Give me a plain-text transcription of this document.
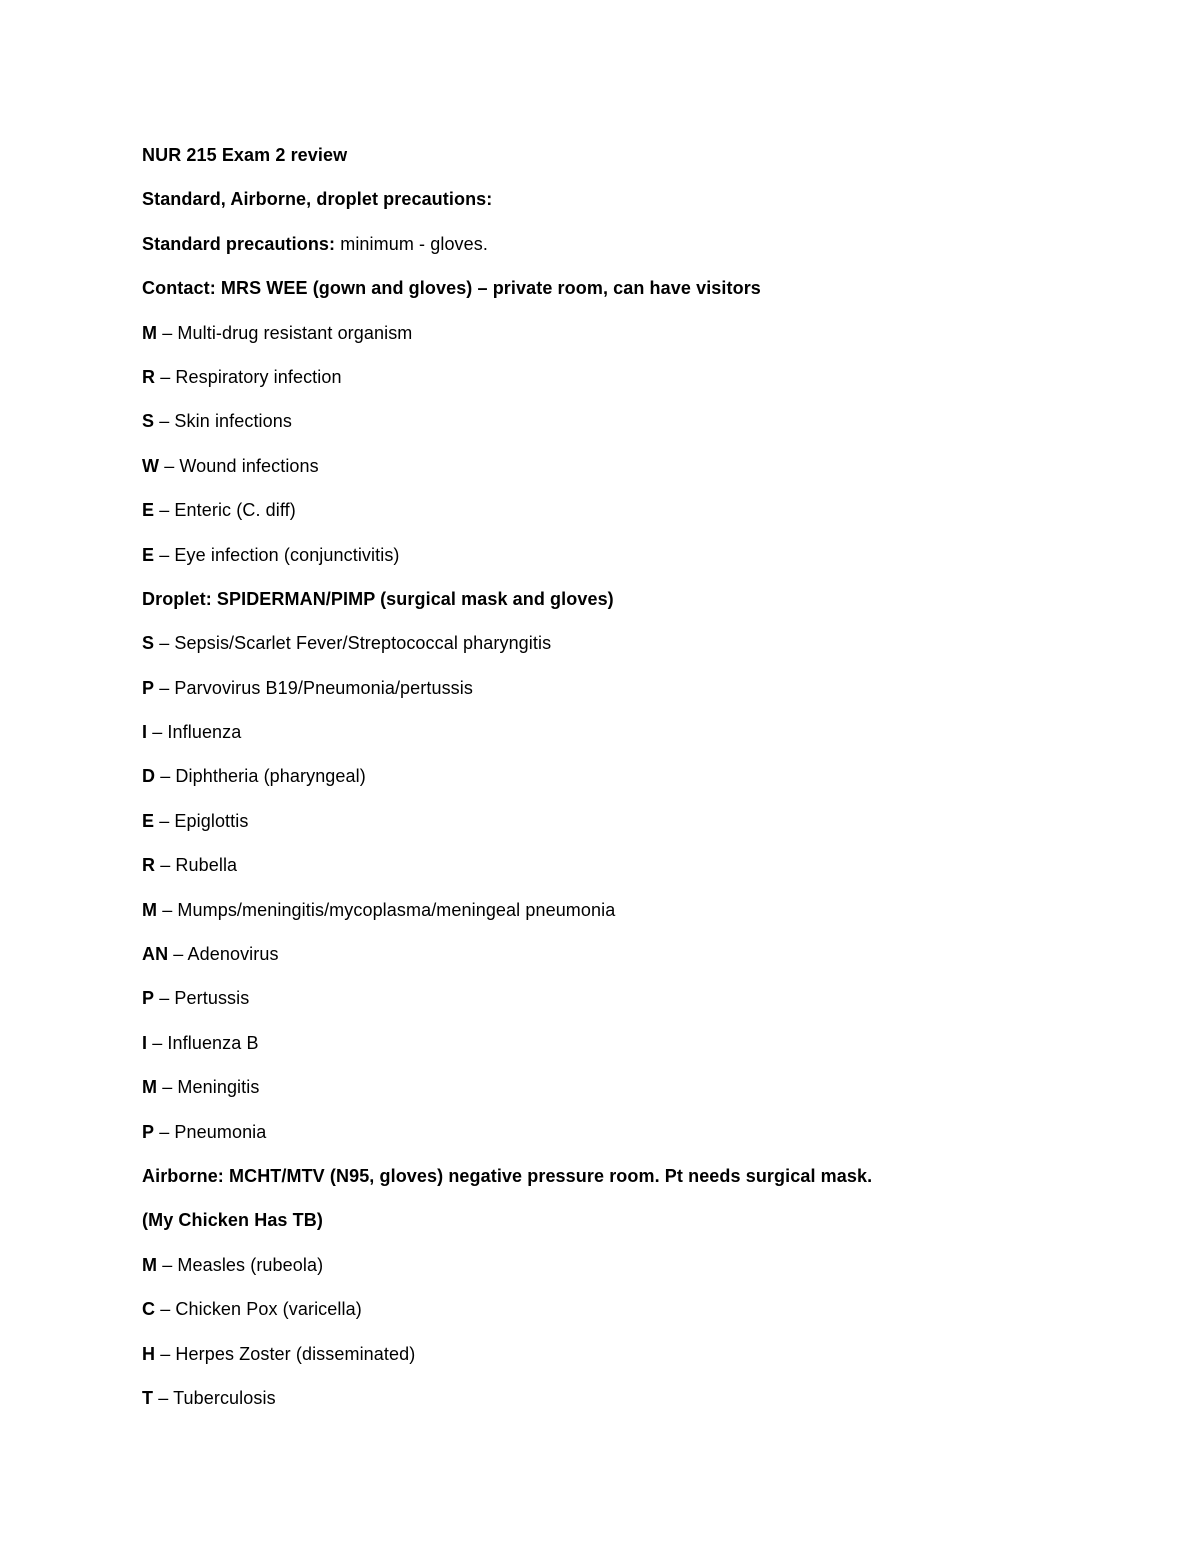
NUR 215 Exam 2 review
Standard, Airborne, droplet precautions:
Standard precautions: minimum - gloves.
Contact: MRS WEE (gown and gloves) – private room, can have visitors
M – Multi-drug resistant organism
R – Respiratory infection
S – Skin infections
W – Wound infections
E – Enteric (C. diff)
E – Eye infection (conjunctivitis)
Droplet: SPIDERMAN/PIMP (surgical mask and gloves)
S – Sepsis/Scarlet Fever/Streptococcal pharyngitis
P – Parvovirus B19/Pneumonia/pertussis
I – Influenza
D – Diphtheria (pharyngeal)
E – Epiglottis
R – Rubella
M – Mumps/meningitis/mycoplasma/meningeal pneumonia
AN – Adenovirus
P – Pertussis
I – Influenza B
M – Meningitis
P – Pneumonia
Airborne: MCHT/MTV (N95, gloves) negative pressure room. Pt needs surgical mask.
(My Chicken Has TB)
M – Measles (rubeola)
C – Chicken Pox (varicella)
H – Herpes Zoster (disseminated)
T – Tuberculosis
